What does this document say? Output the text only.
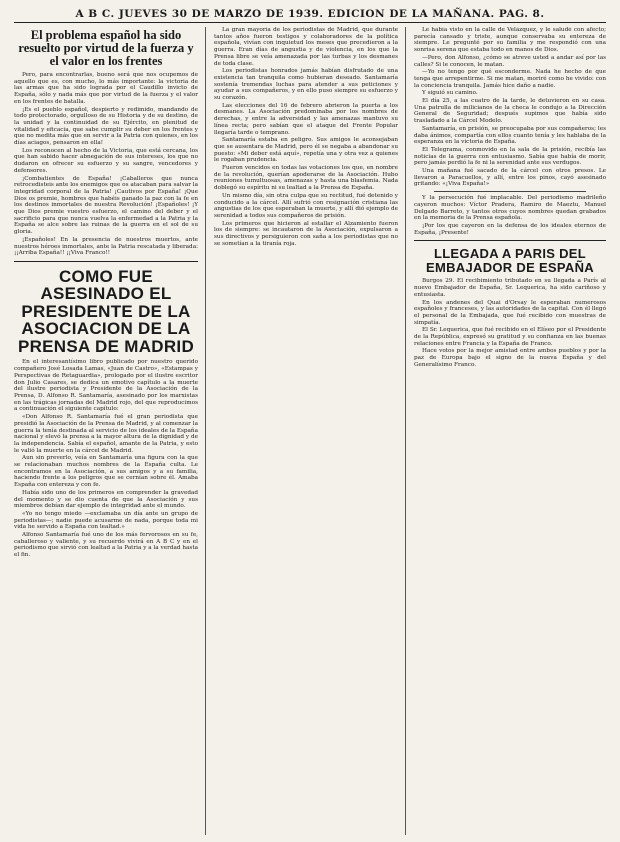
A B C. JUEVES 30 DE MARZO DE 1939. EDICION DE LA MAÑANA. PAG. 8.
El problema español ha sido resuelto por virtud de la fuerza y el valor en los frentes

Pero, para encontrarlas, bueno será que nos ocupemos de aquello que es, con mucho, lo más importante: la victoria de las armas que ha sido lograda por el Caudillo invicto de España, sólo y nada más que por virtud de la fuerza y el valor en los frentes de batalla.

¡Es el pueblo español, despierto y redimido, mandando de todo protectorado, orgulloso de su Historia y de su destino, de la unidad y la continuidad de su Ejército, en plenitud de vitalidad y eficacia, que sabe cumplir su deber en los frentes y que no medita más que en servir a la Patria con quienes, en los días aciagos, pensaron en ella!

Los reconocen al hecho de la Victoria, que está cercana, los que han sabido hacer abnegación de sus intereses, los que no dudaron en ofrecer su esfuerzo y su sangre, vencedores y defensores.

¡Combatientes de España! ¡Caballeros que nunca retrocedisteis ante los enemigos que os atacaban para salvar la integridad corporal de la Patria! ¡Cautivos por España! ¡Que Dios os premie, hombres que habéis ganado la paz con la fe en los destinos inmortales de nuestra Revolución! ¡Españoles! ¡Y que Dios premie vuestro esfuerzo, el camino del deber y el sacrificio para que nunca vuelva la enfermedad a la Patria y la España se alce sobre las ruinas de la guerra en el sol de su gloria.

¡Españoles! En la presencia de nuestros muertos, ante nuestros héroes inmortales, ante la Patria rescatada y liberada: ¡¡Arriba España!! ¡¡Viva Franco!!

COMO FUE ASESINADO EL PRESIDENTE DE LA ASOCIACION DE LA PRENSA DE MADRID

En el interesantísimo libro publicado por nuestro querido compañero José Losada Lamas, «Juan de Castro», «Estampas y Perspectivas de Retaguardia», prologado por el ilustre escritor don Julio Casares, se dedica un emotivo capítulo a la muerte del ilustre periodista y Presidente de la Asociación de la Prensa, D. Alfonso R. Santamaría, asesinado por los marxistas en las trágicas jornadas del Madrid rojo, del que reproducimos a continuación el siguiente capítulo:

«Don Alfonso R. Santamaría fué el gran periodista que presidió la Asociación de la Prensa de Madrid, y al comenzar la guerra la tenía destinada al servicio de los ideales de la España nacional y elevó la prensa a la mayor altura de la dignidad y de la independencia. Sabía el español, amante de la Patria, y esto le valió la muerte en la cárcel de Madrid.

Aun sin preverlo, veía en Santamaría una figura con la que se relacionaban muchos nombres de la España culta. Le encontramos en la Asociación, a sus amigos y a su familia, haciendo frente a los peligros que se cernían sobre él. Amaba España con entereza y con fe.

Había sido uno de los primeros en comprender la gravedad del momento y se dio cuenta de que la Asociación y sus miembros debían dar ejemplo de integridad ante el mundo.

«Yo no tengo miedo —exclamaba un día ante un grupo de periodistas—; nadie puede acusarme de nada, porque toda mi vida he servido a España con lealtad.»

Alfonso Santamaría fué uno de los más fervorosos en su fe, caballeroso y valiente, y su recuerdo vivirá en A B C y en el periodismo que sirvió con lealtad a la Patria y a la verdad hasta el fin.

La gran mayoría de los periodistas de Madrid, que durante tantos años fueron testigos y colaboradores de la política española, vivían con inquietud los meses que precedieron a la guerra. Eran días de angustia y de violencia, en los que la Prensa libre se veía amenazada por las turbas y los desmanes de toda clase.

Los periodistas honrados jamás habían disfrutado de una existencia tan tranquila como hubieran deseado. Santamaría sostenía tremendas luchas para atender a sus peticiones y ayudar a sus compañeros, y en ello puso siempre su esfuerzo y su corazón.

Las elecciones del 16 de febrero abrieron la puerta a los desmanes. La Asociación predominaba por los nombres de derechas, y entre la adversidad y las amenazas mantuvo su línea recta; pero sabían que el ataque del Frente Popular llegaría tarde o temprano.

Santamaría estaba en peligro. Sus amigos le aconsejaban que se ausentara de Madrid, pero él se negaba a abandonar su puesto: «Mi deber está aquí», repetía una y otra vez a quienes le rogaban prudencia.

Fueron vencidos en todas las votaciones los que, en nombre de la revolución, querían apoderarse de la Asociación. Hubo reuniones tumultuosas, amenazas y hasta una blasfemia. Nada doblegó su espíritu ni su lealtad a la Prensa de España.

Un mismo día, sin otra culpa que su rectitud, fué detenido y conducido a la cárcel. Allí sufrió con resignación cristiana las angustias de los que esperaban la muerte, y allí dió ejemplo de serenidad a todos sus compañeros de prisión.

Los primeros que hicieron al estallar el Alzamiento fueron los de siempre: se incautaron de la Asociación, expulsaron a sus directivos y persiguieron con saña a los periodistas que no se sometían a la tiranía roja.

Le había visto en la calle de Velázquez, y le saludé con afecto; parecía cansado y triste, aunque conservaba su entereza de siempre. Le pregunté por su familia y me respondió con una sonrisa serena que estaba todo en manos de Dios.

—Pero, don Alfonso, ¿cómo se atreve usted a andar así por las calles? Si le conocen, le matan.

—Yo no tengo por qué esconderme. Nada he hecho de que tenga que arrepentirme. Si me matan, moriré como he vivido: con la conciencia tranquila. Jamás hice daño a nadie.

Y siguió su camino.

El día 25, a las cuatro de la tarde, le detuvieron en su casa. Una patrulla de milicianos de la checa le condujo a la Dirección General de Seguridad; después supimos que había sido trasladado a la Cárcel Modelo.

Santamaría, en prisión, se preocupaba por sus compañeros; les daba ánimos, compartía con ellos cuanto tenía y les hablaba de la esperanza en la victoria de España.

El Telegrama, conmovido en la sala de la prisión, recibía las noticias de la guerra con entusiasmo. Sabía que había de morir, pero jamás perdió la fe ni la serenidad ante sus verdugos.

Una mañana fué sacado de la cárcel con otros presos. Le llevaron a Paracuellos, y allí, entre los pinos, cayó asesinado gritando: «¡Viva España!»

Y la persecución fué implacable. Del periodismo madrileño cayeron muchos: Víctor Pradera, Ramiro de Maeztu, Manuel Delgado Barreto, y tantos otros cuyos nombres quedan grabados en la memoria de la Prensa española.

¡Por los que cayeron en la defensa de los ideales eternos de España, ¡Presente!

LLEGADA A PARIS DEL EMBAJADOR DE ESPAÑA

Burgos 29. El recibimiento tributado en su llegada a París al nuevo Embajador de España, Sr. Lequerica, ha sido cariñoso y entusiasta.

En los andenes del Quai d'Orsay le esperaban numerosos españoles y franceses, y las autoridades de la capital. Con él llegó el personal de la Embajada, que fué recibido con muestras de simpatía.

El Sr. Lequerica, que fué recibido en el Elíseo por el Presidente de la República, expresó su gratitud y su confianza en las buenas relaciones entre Francia y la España de Franco.

Hace votos por la mejor amistad entre ambos pueblos y por la paz de Europa bajo el signo de la nueva España y del Generalísimo Franco.
